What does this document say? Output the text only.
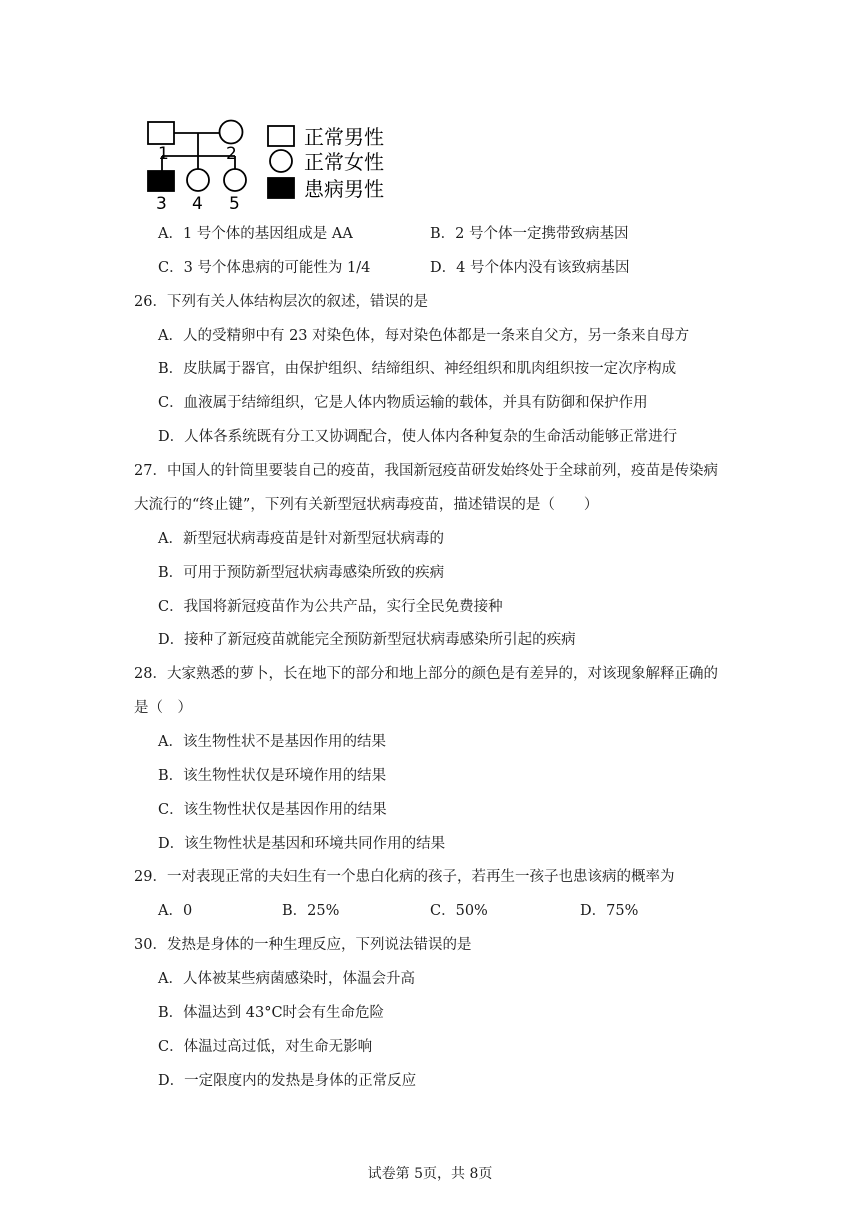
1	2
3 4 5
正常男性
正常女性
患病男性
A．1 号个体的基因组成是 AA	B．2 号个体一定携带致病基因
C．3 号个体患病的可能性为 1/4	D．4 号个体内没有该致病基因
26．下列有关人体结构层次的叙述，错误的是
A．人的受精卵中有 23 对染色体，每对染色体都是一条来自父方，另一条来自母方
B．皮肤属于器官，由保护组织、结缔组织、神经组织和肌肉组织按一定次序构成
C．血液属于结缔组织，它是人体内物质运输的载体，并具有防御和保护作用
D．人体各系统既有分工又协调配合，使人体内各种复杂的生命活动能够正常进行
27．中国人的针筒里要装自己的疫苗，我国新冠疫苗研发始终处于全球前列，疫苗是传染病
大流行的“终止键”，下列有关新型冠状病毒疫苗，描述错误的是（　　）
A．新型冠状病毒疫苗是针对新型冠状病毒的
B．可用于预防新型冠状病毒感染所致的疾病
C．我国将新冠疫苗作为公共产品，实行全民免费接种
D．接种了新冠疫苗就能完全预防新型冠状病毒感染所引起的疾病
28．大家熟悉的萝卜，长在地下的部分和地上部分的颜色是有差异的，对该现象解释正确的
是（　）
A．该生物性状不是基因作用的结果
B．该生物性状仅是环境作用的结果
C．该生物性状仅是基因作用的结果
D．该生物性状是基因和环境共同作用的结果
29．一对表现正常的夫妇生有一个患白化病的孩子，若再生一孩子也患该病的概率为
A．0	B．25%	C．50%	D．75%
30．发热是身体的一种生理反应，下列说法错误的是
A．人体被某些病菌感染时，体温会升高
B．体温达到 43°C时会有生命危险
C．体温过高过低，对生命无影响
D．一定限度内的发热是身体的正常反应
试卷第 5页，共 8页
